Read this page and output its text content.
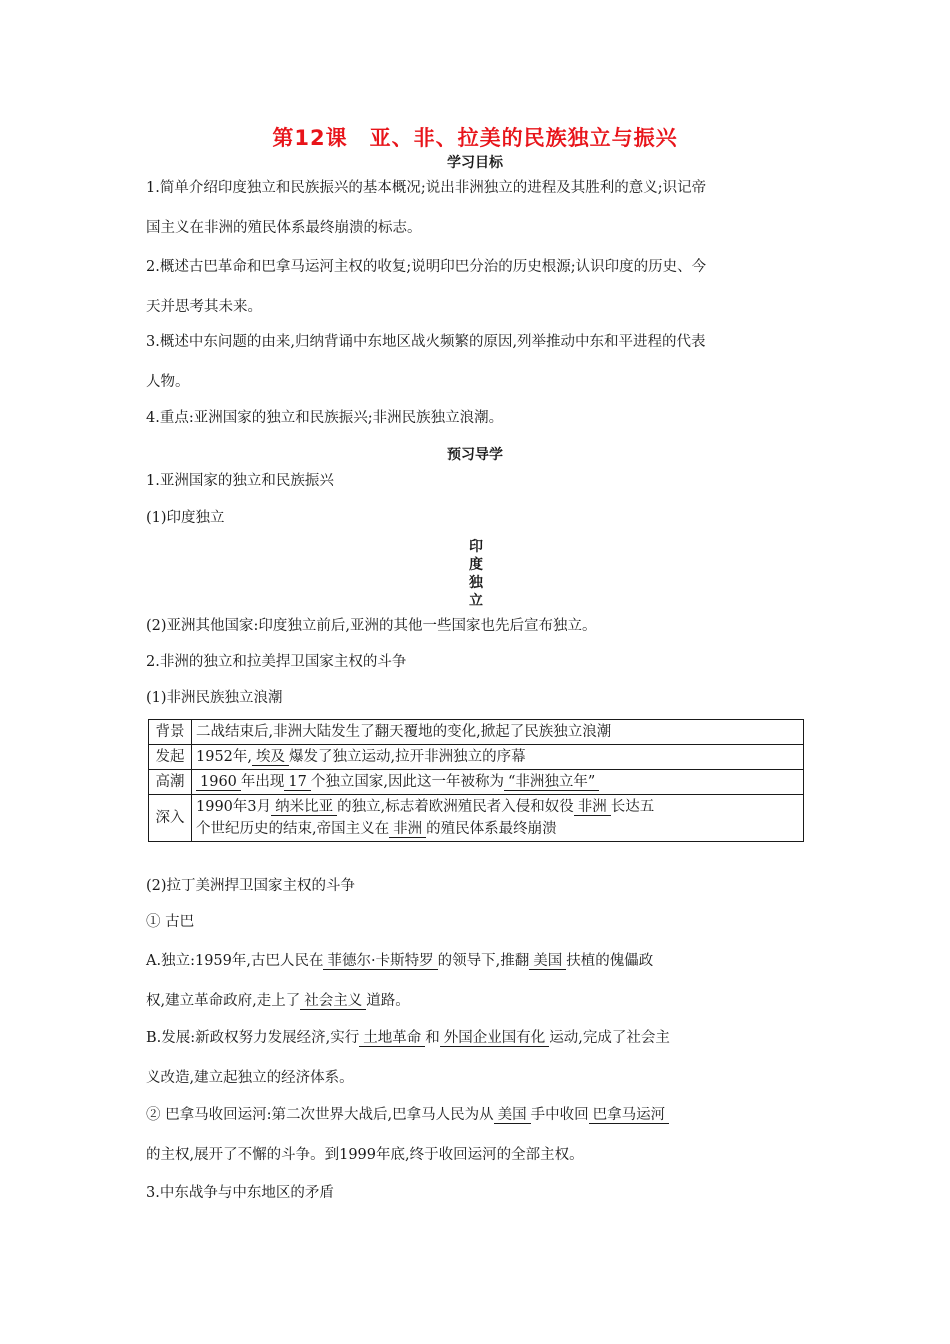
第12课　亚、非、拉美的民族独立与振兴
学习目标
1.简单介绍印度独立和民族振兴的基本概况;说出非洲独立的进程及其胜利的意义;识记帝
国主义在非洲的殖民体系最终崩溃的标志。
2.概述古巴革命和巴拿马运河主权的收复;说明印巴分治的历史根源;认识印度的历史、今
天并思考其未来。
3.概述中东问题的由来,归纳背诵中东地区战火频繁的原因,列举推动中东和平进程的代表
人物。
4.重点:亚洲国家的独立和民族振兴;非洲民族独立浪潮。
预习导学
1.亚洲国家的独立和民族振兴
(1)印度独立
印
度
独
立
(2)亚洲其他国家:印度独立前后,亚洲的其他一些国家也先后宣布独立。
2.非洲的独立和拉美捍卫国家主权的斗争
(1)非洲民族独立浪潮
背景	二战结束后,非洲大陆发生了翻天覆地的变化,掀起了民族独立浪潮
发起	1952年, 埃及 爆发了独立运动,拉开非洲独立的序幕
高潮	1960 年出现 17 个独立国家,因此这一年被称为 “非洲独立年”
深入	1990年3月 纳米比亚 的独立,标志着欧洲殖民者入侵和奴役 非洲 长达五
个世纪历史的结束,帝国主义在 非洲 的殖民体系最终崩溃
(2)拉丁美洲捍卫国家主权的斗争
① 古巴
A.独立:1959年,古巴人民在 菲德尔·卡斯特罗 的领导下,推翻 美国 扶植的傀儡政
权,建立革命政府,走上了 社会主义 道路。
B.发展:新政权努力发展经济,实行 土地革命 和 外国企业国有化 运动,完成了社会主
义改造,建立起独立的经济体系。
② 巴拿马收回运河:第二次世界大战后,巴拿马人民为从 美国 手中收回 巴拿马运河
的主权,展开了不懈的斗争。到1999年底,终于收回运河的全部主权。
3.中东战争与中东地区的矛盾
